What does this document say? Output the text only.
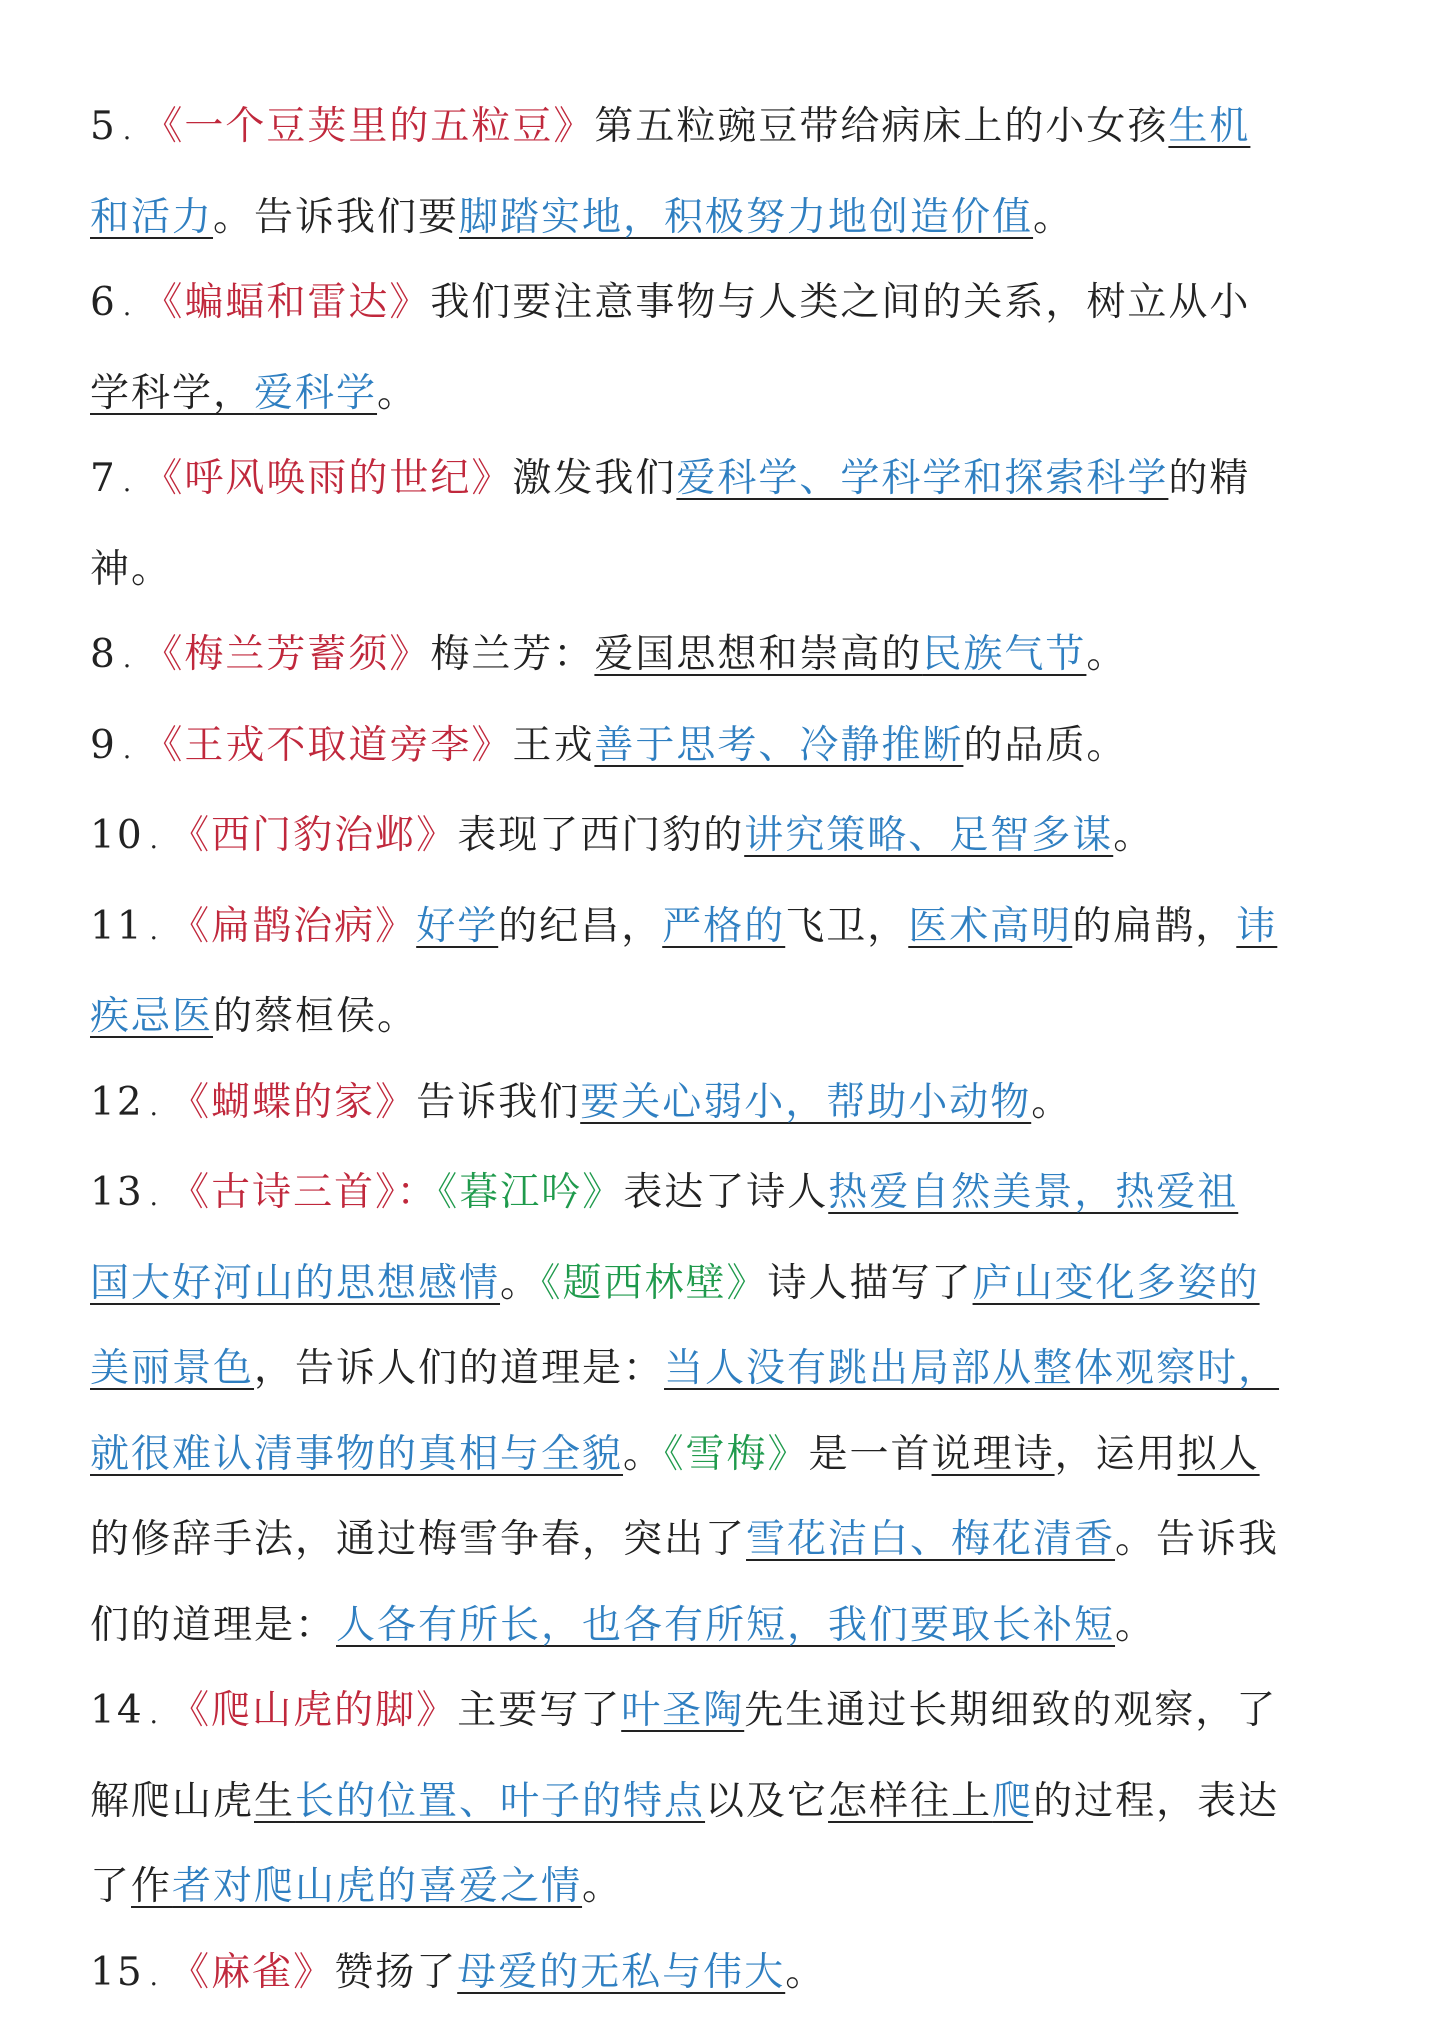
5 . 《一个豆荚里的五粒豆》第五粒豌豆带给病床上的小女孩生机
和活力。告诉我们要脚踏实地，积极努力地创造价值。
6 . 《蝙蝠和雷达》我们要注意事物与人类之间的关系，树立从小
学科学，爱科学。
7 . 《呼风唤雨的世纪》激发我们爱科学、学科学和探索科学的精
神。
8 . 《梅兰芳蓄须》梅兰芳：爱国思想和崇高的民族气节。
9 . 《王戎不取道旁李》王戎善于思考、冷静推断的品质。
10 . 《西门豹治邺》表现了西门豹的讲究策略、足智多谋。
11 . 《扁鹊治病》好学的纪昌，严格的飞卫，医术高明的扁鹊，讳
疾忌医的蔡桓侯。
12 . 《蝴蝶的家》告诉我们要关心弱小，帮助小动物。
13 . 《古诗三首》：《暮江吟》表达了诗人热爱自然美景，热爱祖
国大好河山的思想感情。《题西林壁》诗人描写了庐山变化多姿的
美丽景色，告诉人们的道理是：当人没有跳出局部从整体观察时，
就很难认清事物的真相与全貌。《雪梅》是一首说理诗，运用拟人
的修辞手法，通过梅雪争春，突出了雪花洁白、梅花清香。告诉我
们的道理是：人各有所长，也各有所短，我们要取长补短。
14 . 《爬山虎的脚》主要写了叶圣陶先生通过长期细致的观察，了
解爬山虎生长的位置、叶子的特点以及它怎样往上爬的过程，表达
了作者对爬山虎的喜爱之情。
15 . 《麻雀》赞扬了母爱的无私与伟大。
